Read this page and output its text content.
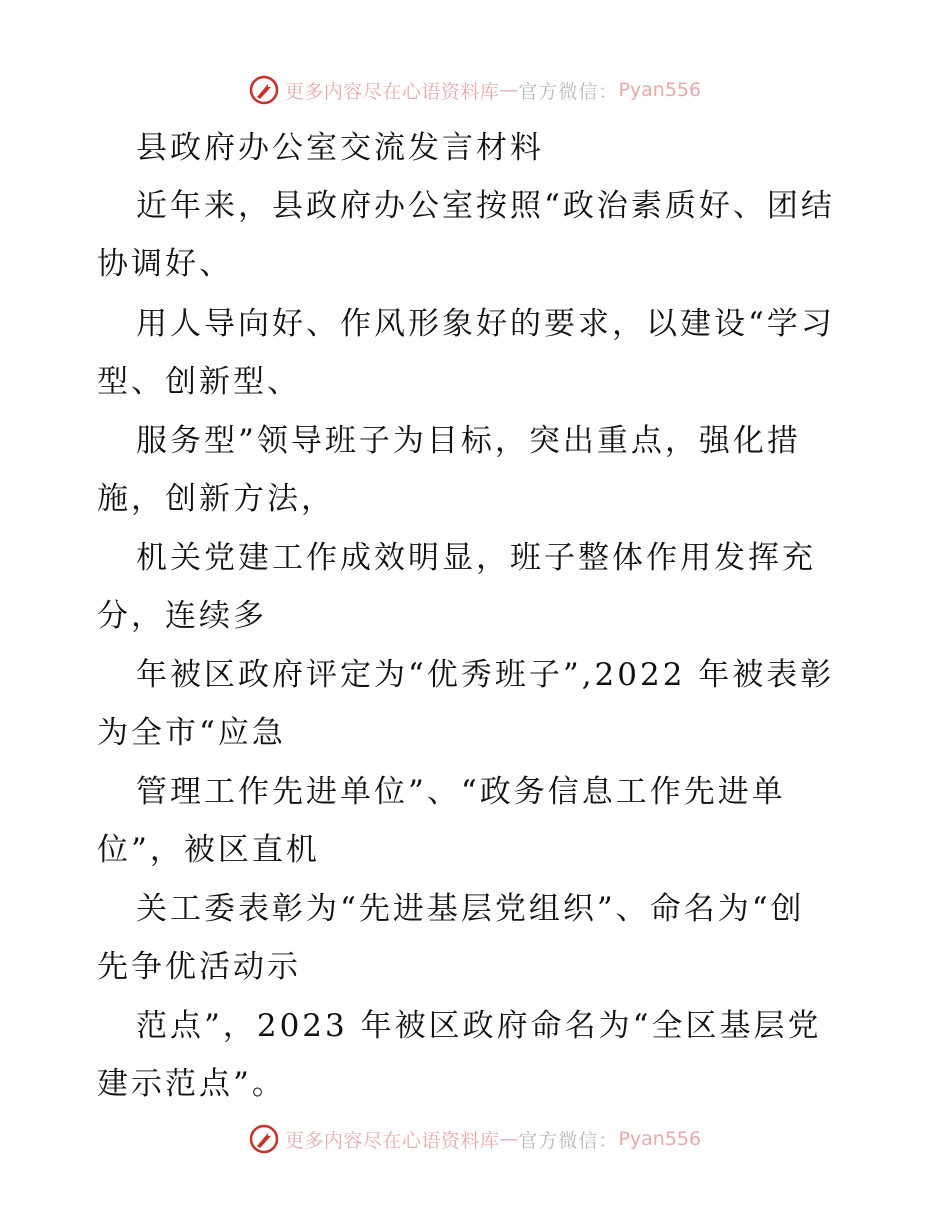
更多内容尽在心语资料库 — 官方微信： Pyan556

县政府办公室交流发言材料

近年来，县政府办公室按照“政治素质好、团结

协调好、

用人导向好、作风形象好的要求，以建设“学习

型、创新型、

服务型”领导班子为目标，突出重点，强化措

施，创新方法，

机关党建工作成效明显，班子整体作用发挥充

分，连续多

年被区政府评定为“优秀班子”,2022 年被表彰

为全市“应急

管理工作先进单位”、“政务信息工作先进单

位”，被区直机

关工委表彰为“先进基层党组织”、命名为“创

先争优活动示

范点”，2023 年被区政府命名为“全区基层党

建示范点”。

更多内容尽在心语资料库 — 官方微信： Pyan556
